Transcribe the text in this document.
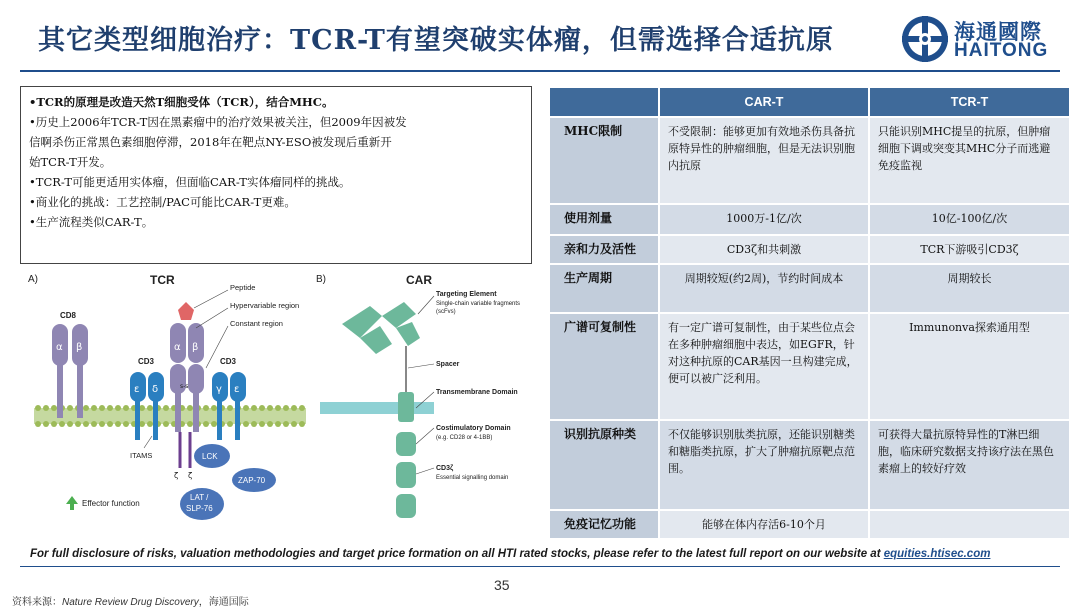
其它类型细胞治疗：TCR-T有望突破实体瘤，但需选择合适抗原	海通國際
HAITONG

•TCR的原理是改造天然T细胞受体（TCR），结合MHC。

•历史上2006年TCR-T因在黑素瘤中的治疗效果被关注，但2009年因被发

信啊杀伤正常黑色素细胞停滞，2018年在靶点NY-ESO被发现后重新开

始TCR-T开发。

•TCR-T可能更适用实体瘤，但面临CAR-T实体瘤同样的挑战。

•商业化的挑战：工艺控制/PAC可能比CAR-T更难。

•生产流程类似CAR-T。

A)	TCR	B)	CAR
CD8
α β
CD3
ε δ
α β
s-s
ζ ζ
CD3
γ ε
Peptide
Hypervariable region
Constant region
ITAMS	LCK
ZAP-70
LAT /
SLP-76
Effector function
Targeting Element
Single-chain variable fragments
(scFvs)
Spacer
Transmembrane Domain
Costimulatory Domain
(e.g. CD28 or 4-1BB)
CD3ζ
Essential signalling domain
	CAR-T	TCR-T
MHC限制	不受限制：能够更加有效地杀伤具备抗原特异性的肿瘤细胞，但是无法识别胞内抗原	只能识别MHC提呈的抗原，但肿瘤细胞下调或突变其MHC分子而逃避免疫监视
使用剂量	1000万-1亿/次	10亿-100亿/次
亲和力及活性	CD3ζ和共刺激	TCR下游吸引CD3ζ
生产周期	周期较短(约2周)，节约时间成本	周期较长
广谱可复制性	有一定广谱可复制性，由于某些位点会在多种肿瘤细胞中表达，如EGFR，针对这种抗原的CAR基因一旦构建完成，便可以被广泛利用。	Immunonva探索通用型
识别抗原种类	不仅能够识别肽类抗原，还能识别糖类和糖脂类抗原，扩大了肿瘤抗原靶点范围。	可获得大量抗原特异性的T淋巴细胞，临床研究数据支持该疗法在黑色素瘤上的较好疗效
免疫记忆功能	能够在体内存活6-10个月	
For full disclosure of risks, valuation methodologies and target price formation on all HTI rated stocks, please refer to the latest full report on our website at equities.htisec.com
35
资料来源：Nature Review Drug Discovery，海通国际
